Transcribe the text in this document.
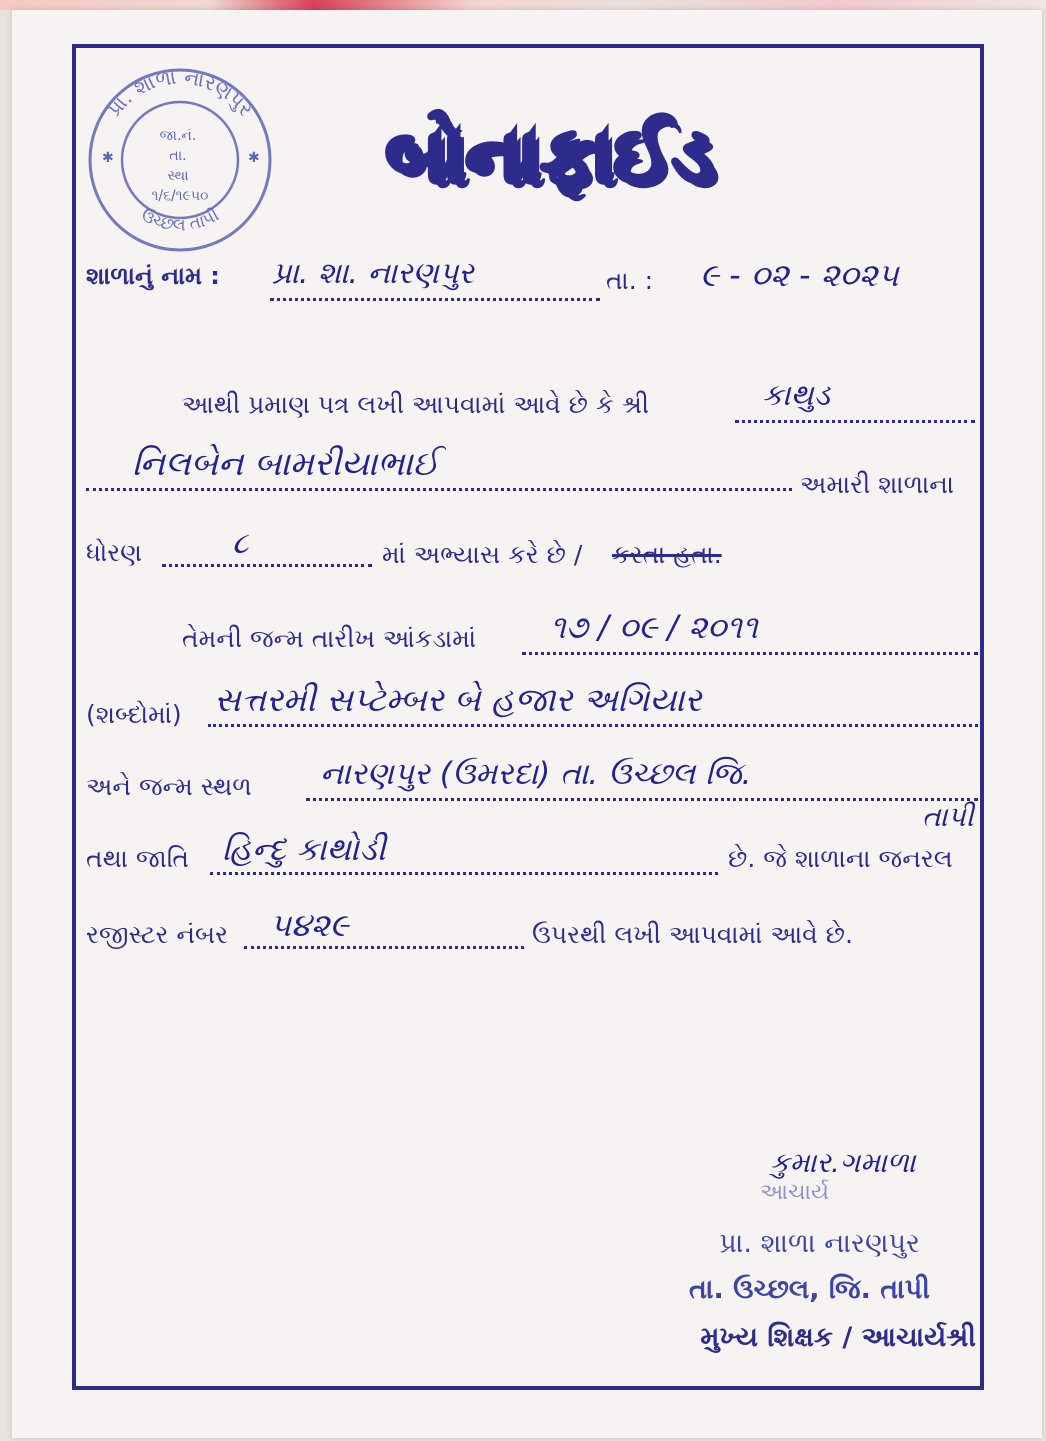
પ્રા. શાળા નારણપુર
ઉચ્છલ તાપી
જા.નં.
તા.
સ્થા
૧/૬/૧૯૫૦
✱	✱	બોનાફાઈડ
શાળાનું નામ : પ્રા. શા. નારણપુર	તા. : ૯ - ૦૨ - ૨૦૨૫
આથી પ્રમાણ પત્ર લખી આપવામાં આવે છે કે શ્રી	કાથુડ
નિલબેન બામરીયાભાઈ
અમારી શાળાના
ધોરણ	૮	માં અભ્યાસ કરે છે / કરતા હતા.
તેમની જન્મ તારીખ આંકડામાં ૧૭ / ૦૯ / ૨૦૧૧
(શબ્દોમાં) સત્તરમી સપ્ટેમ્બર બે હજાર અગિયાર
અને જન્મ સ્થળ નારણપુર (ઉમરદા) તા. ઉચ્છલ જિ.
તાપી
તથા જાતિ હિન્દુ કાથોડી	છે. જે શાળાના જનરલ
રજીસ્ટર નંબર ૫૪૨૯	ઉપરથી લખી આપવામાં આવે છે.
કુમાર.ગમાળા
આચાર્ય
પ્રા. શાળા નારણપુર
તા. ઉચ્છલ, જિ. તાપી
મુખ્ય શિક્ષક / આચાર્યશ્રી
